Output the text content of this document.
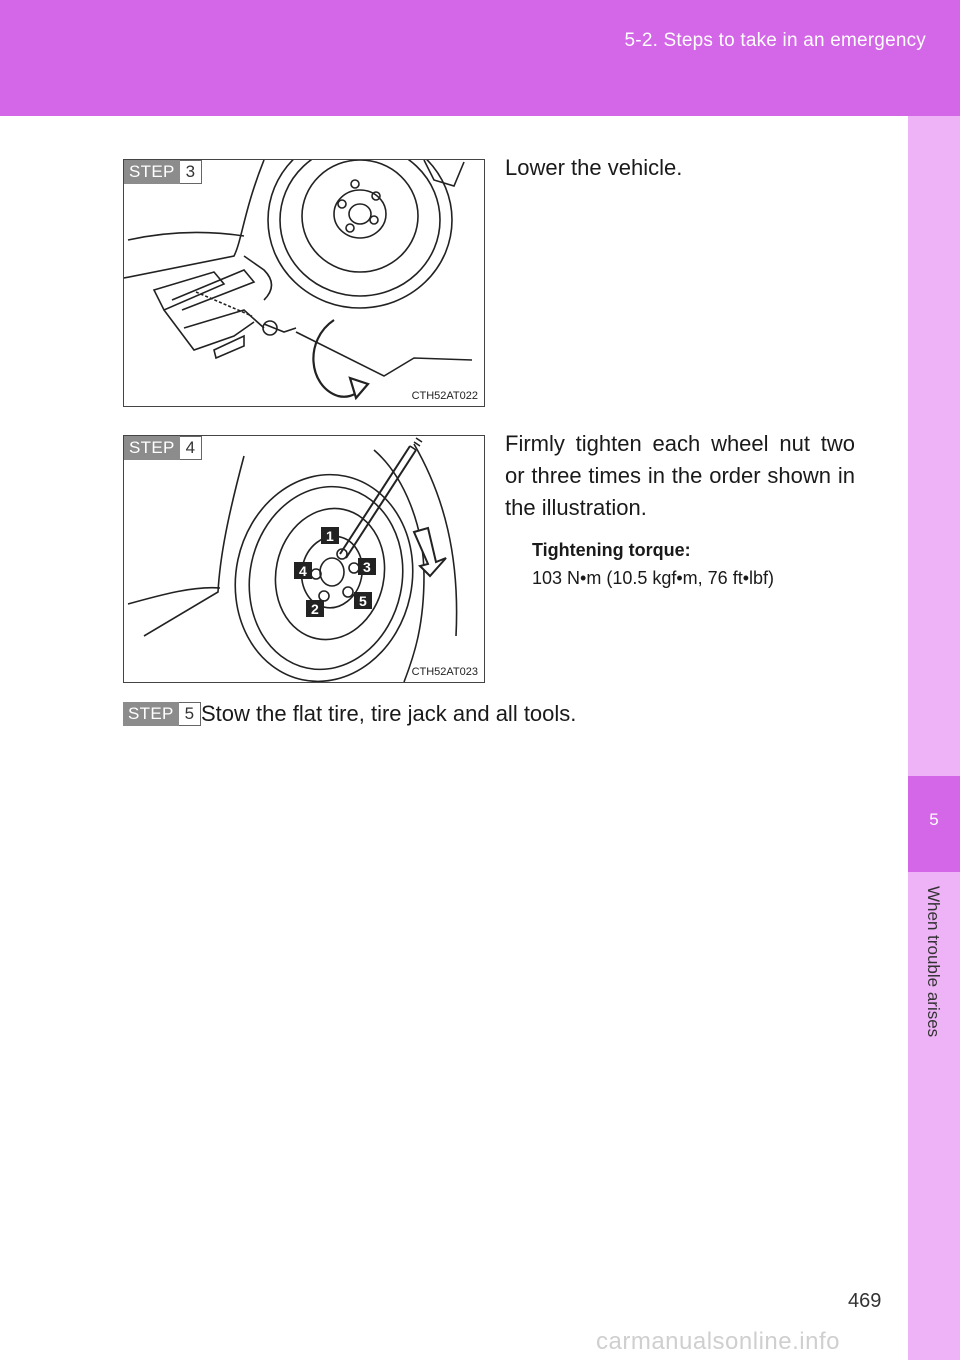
5-2. Steps to take in an emergency
5
When trouble arises
STEP 3
CTH52AT022
Lower the vehicle.
1
2
3
4
5
STEP 4
CTH52AT023
Firmly tighten each wheel nut two or three times in the order shown in the illustration.
Tightening torque:
103 N•m (10.5 kgf•m, 76 ft•lbf)
STEP 5 Stow the flat tire, tire jack and all tools.
469
carmanualsonline.info
